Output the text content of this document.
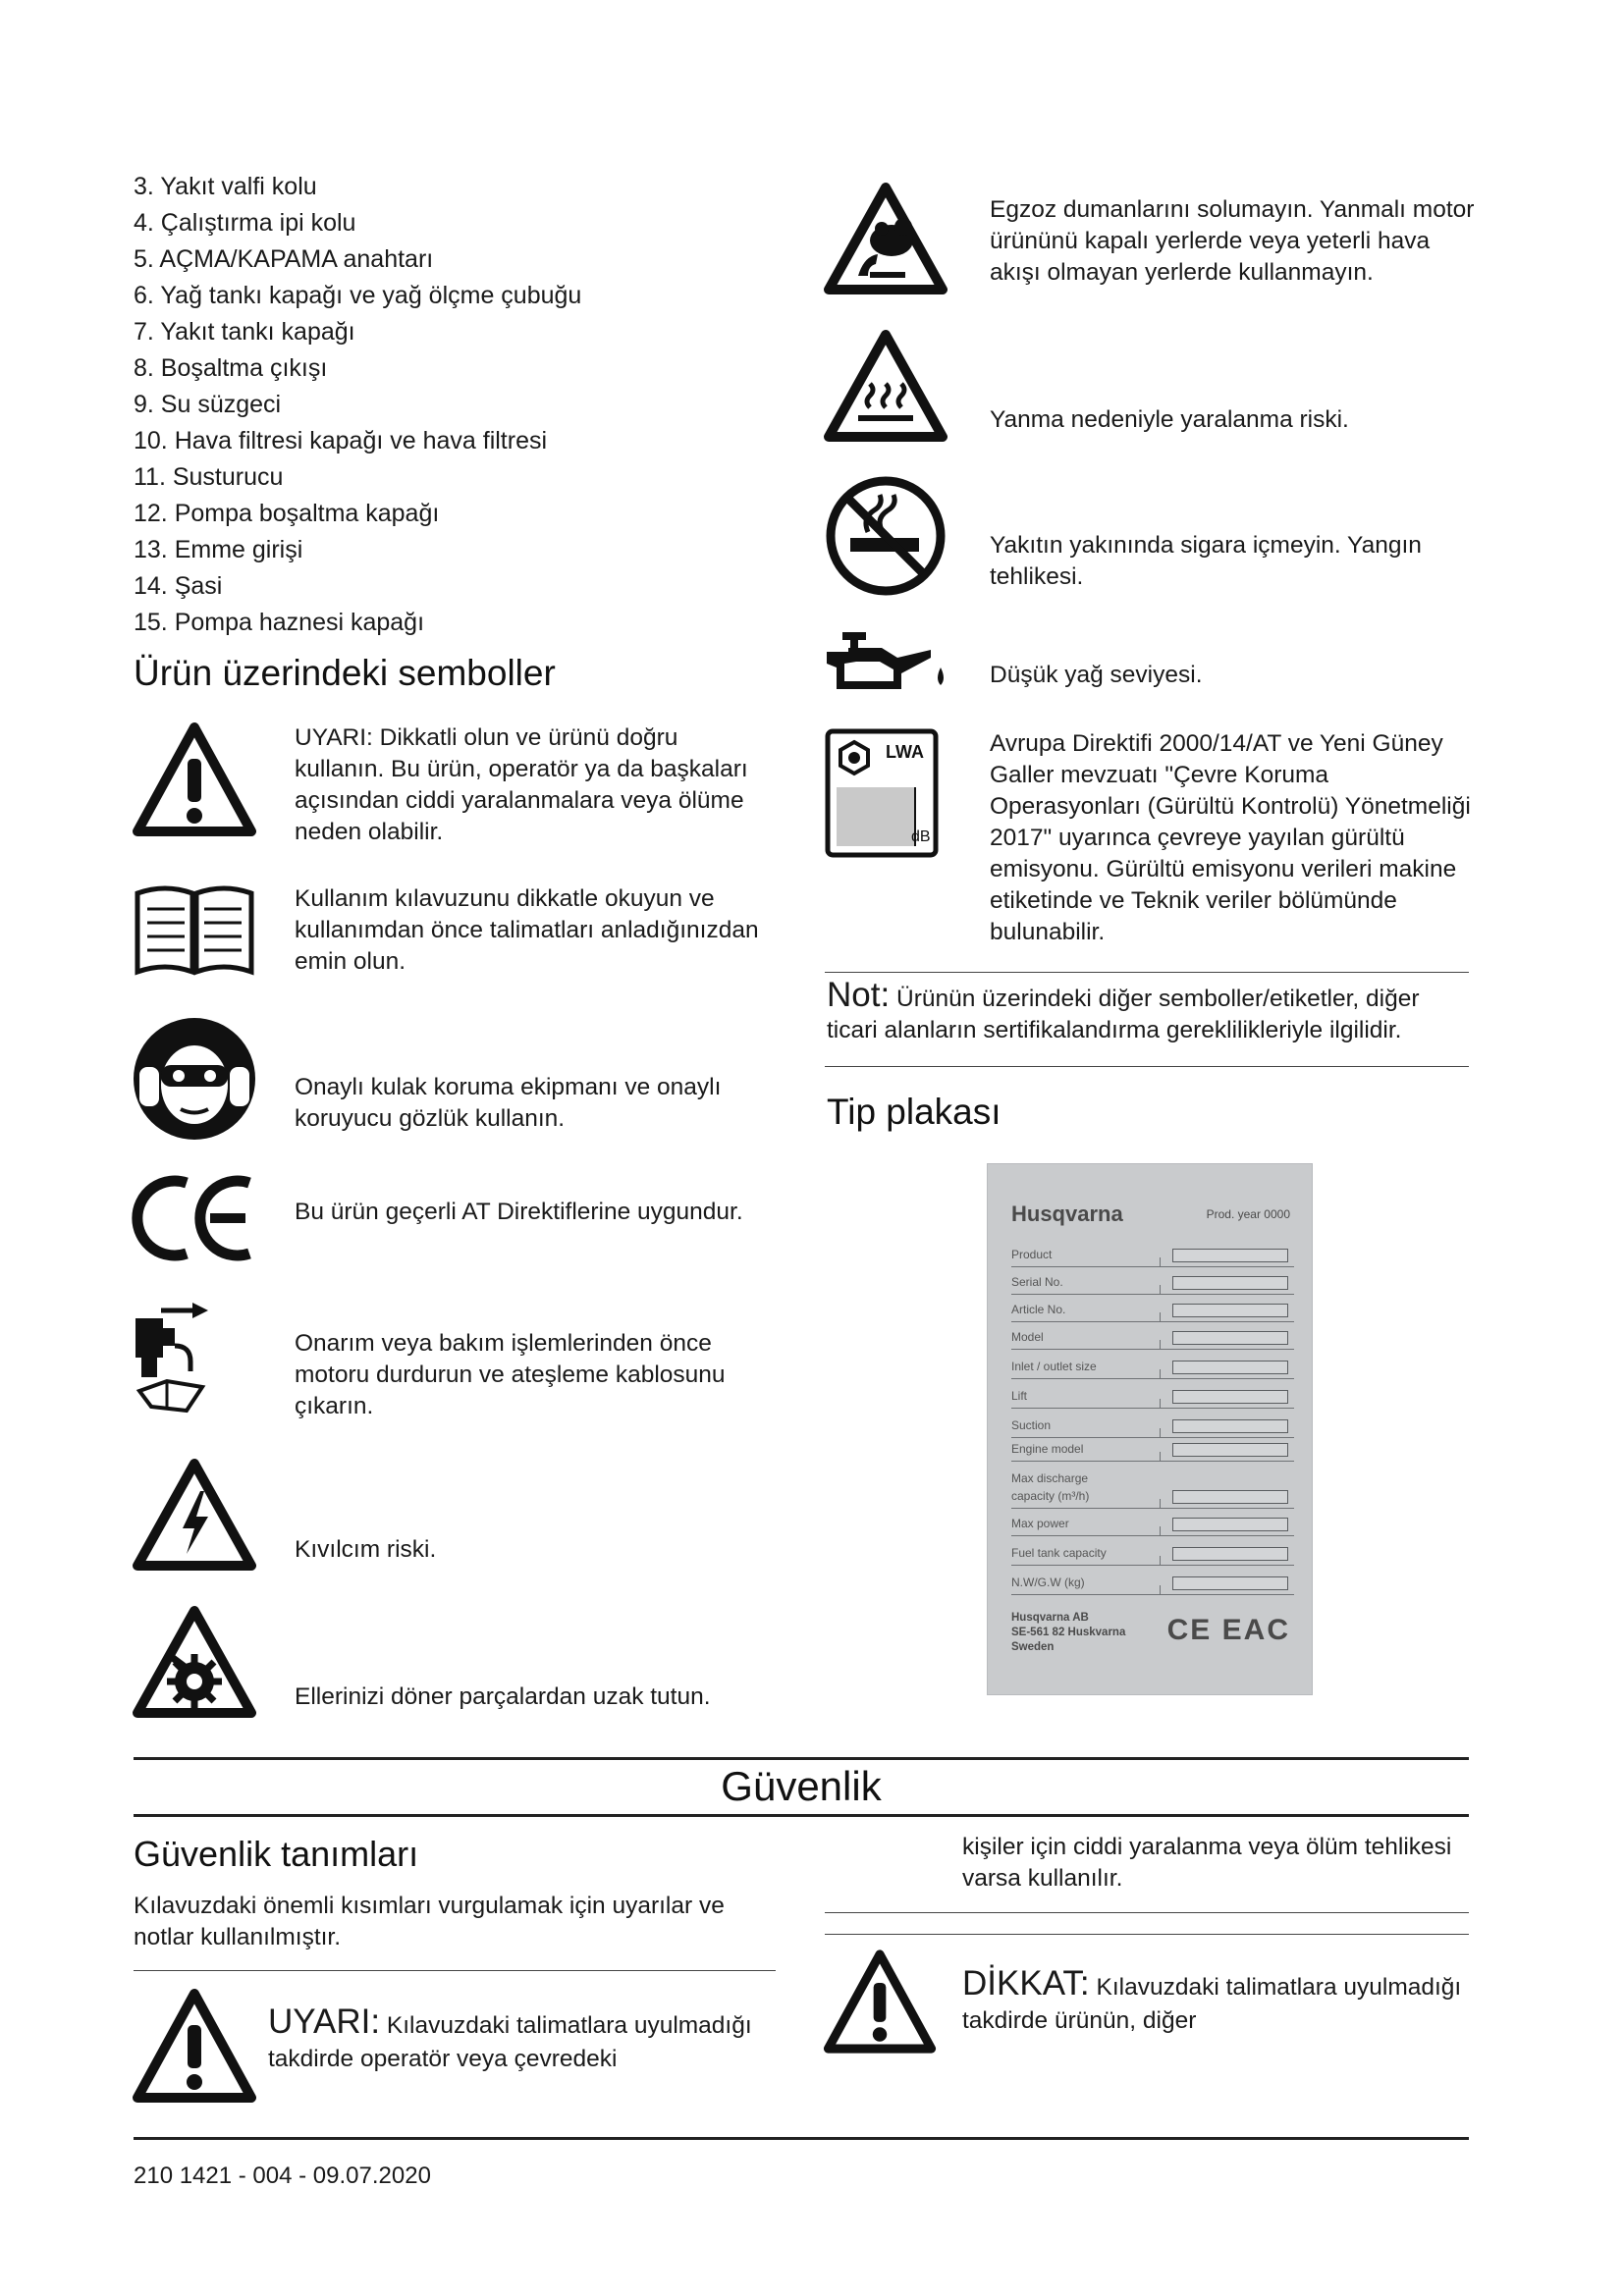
3. Yakıt valfi kolu
4. Çalıştırma ipi kolu
5. AÇMA/KAPAMA anahtarı
6. Yağ tankı kapağı ve yağ ölçme çubuğu
7. Yakıt tankı kapağı
8. Boşaltma çıkışı
9. Su süzgeci
10. Hava filtresi kapağı ve hava filtresi
11. Susturucu
12. Pompa boşaltma kapağı
13. Emme girişi
14. Şasi
15. Pompa haznesi kapağı
Ürün üzerindeki semboller
UYARI: Dikkatli olun ve ürünü doğru kullanın. Bu ürün, operatör ya da başkaları açısından ciddi yaralanmalara veya ölüme neden olabilir.
Kullanım kılavuzunu dikkatle okuyun ve kullanımdan önce talimatları anladığınızdan emin olun.
Onaylı kulak koruma ekipmanı ve onaylı koruyucu gözlük kullanın.
Bu ürün geçerli AT Direktiflerine uygundur.
Onarım veya bakım işlemlerinden önce motoru durdurun ve ateşleme kablosunu çıkarın.
Kıvılcım riski.
Ellerinizi döner parçalardan uzak tutun.
Egzoz dumanlarını solumayın. Yanmalı motor ürününü kapalı yerlerde veya yeterli hava akışı olmayan yerlerde kullanmayın.
Yanma nedeniyle yaralanma riski.
Yakıtın yakınında sigara içmeyin. Yangın tehlikesi.
Düşük yağ seviyesi.
LWA
dB
Avrupa Direktifi 2000/14/AT ve Yeni Güney Galler mevzuatı "Çevre Koruma Operasyonları (Gürültü Kontrolü) Yönetmeliği 2017" uyarınca çevreye yayılan gürültü emisyonu. Gürültü emisyonu verileri makine etiketinde ve Teknik veriler bölümünde bulunabilir.
Not: Ürünün üzerindeki diğer semboller/etiketler, diğer ticari alanların sertifikalandırma gereklilikleriyle ilgilidir.
Tip plakası
Husqvarna	Prod. year 0000
Product
Serial No.
Article No.
Model
Inlet / outlet size
Lift
Suction
Engine model
Max discharge capacity (m³/h)
Max power
Fuel tank capacity
N.W/G.W (kg)
Husqvarna AB
SE-561 82 Huskvarna
Sweden
CE EAC
Güvenlik
Güvenlik tanımları
Kılavuzdaki önemli kısımları vurgulamak için uyarılar ve notlar kullanılmıştır.
UYARI: Kılavuzdaki talimatlara uyulmadığı takdirde operatör veya çevredeki
kişiler için ciddi yaralanma veya ölüm tehlikesi varsa kullanılır.
DİKKAT: Kılavuzdaki talimatlara uyulmadığı takdirde ürünün, diğer
210 1421 - 004 - 09.07.2020
